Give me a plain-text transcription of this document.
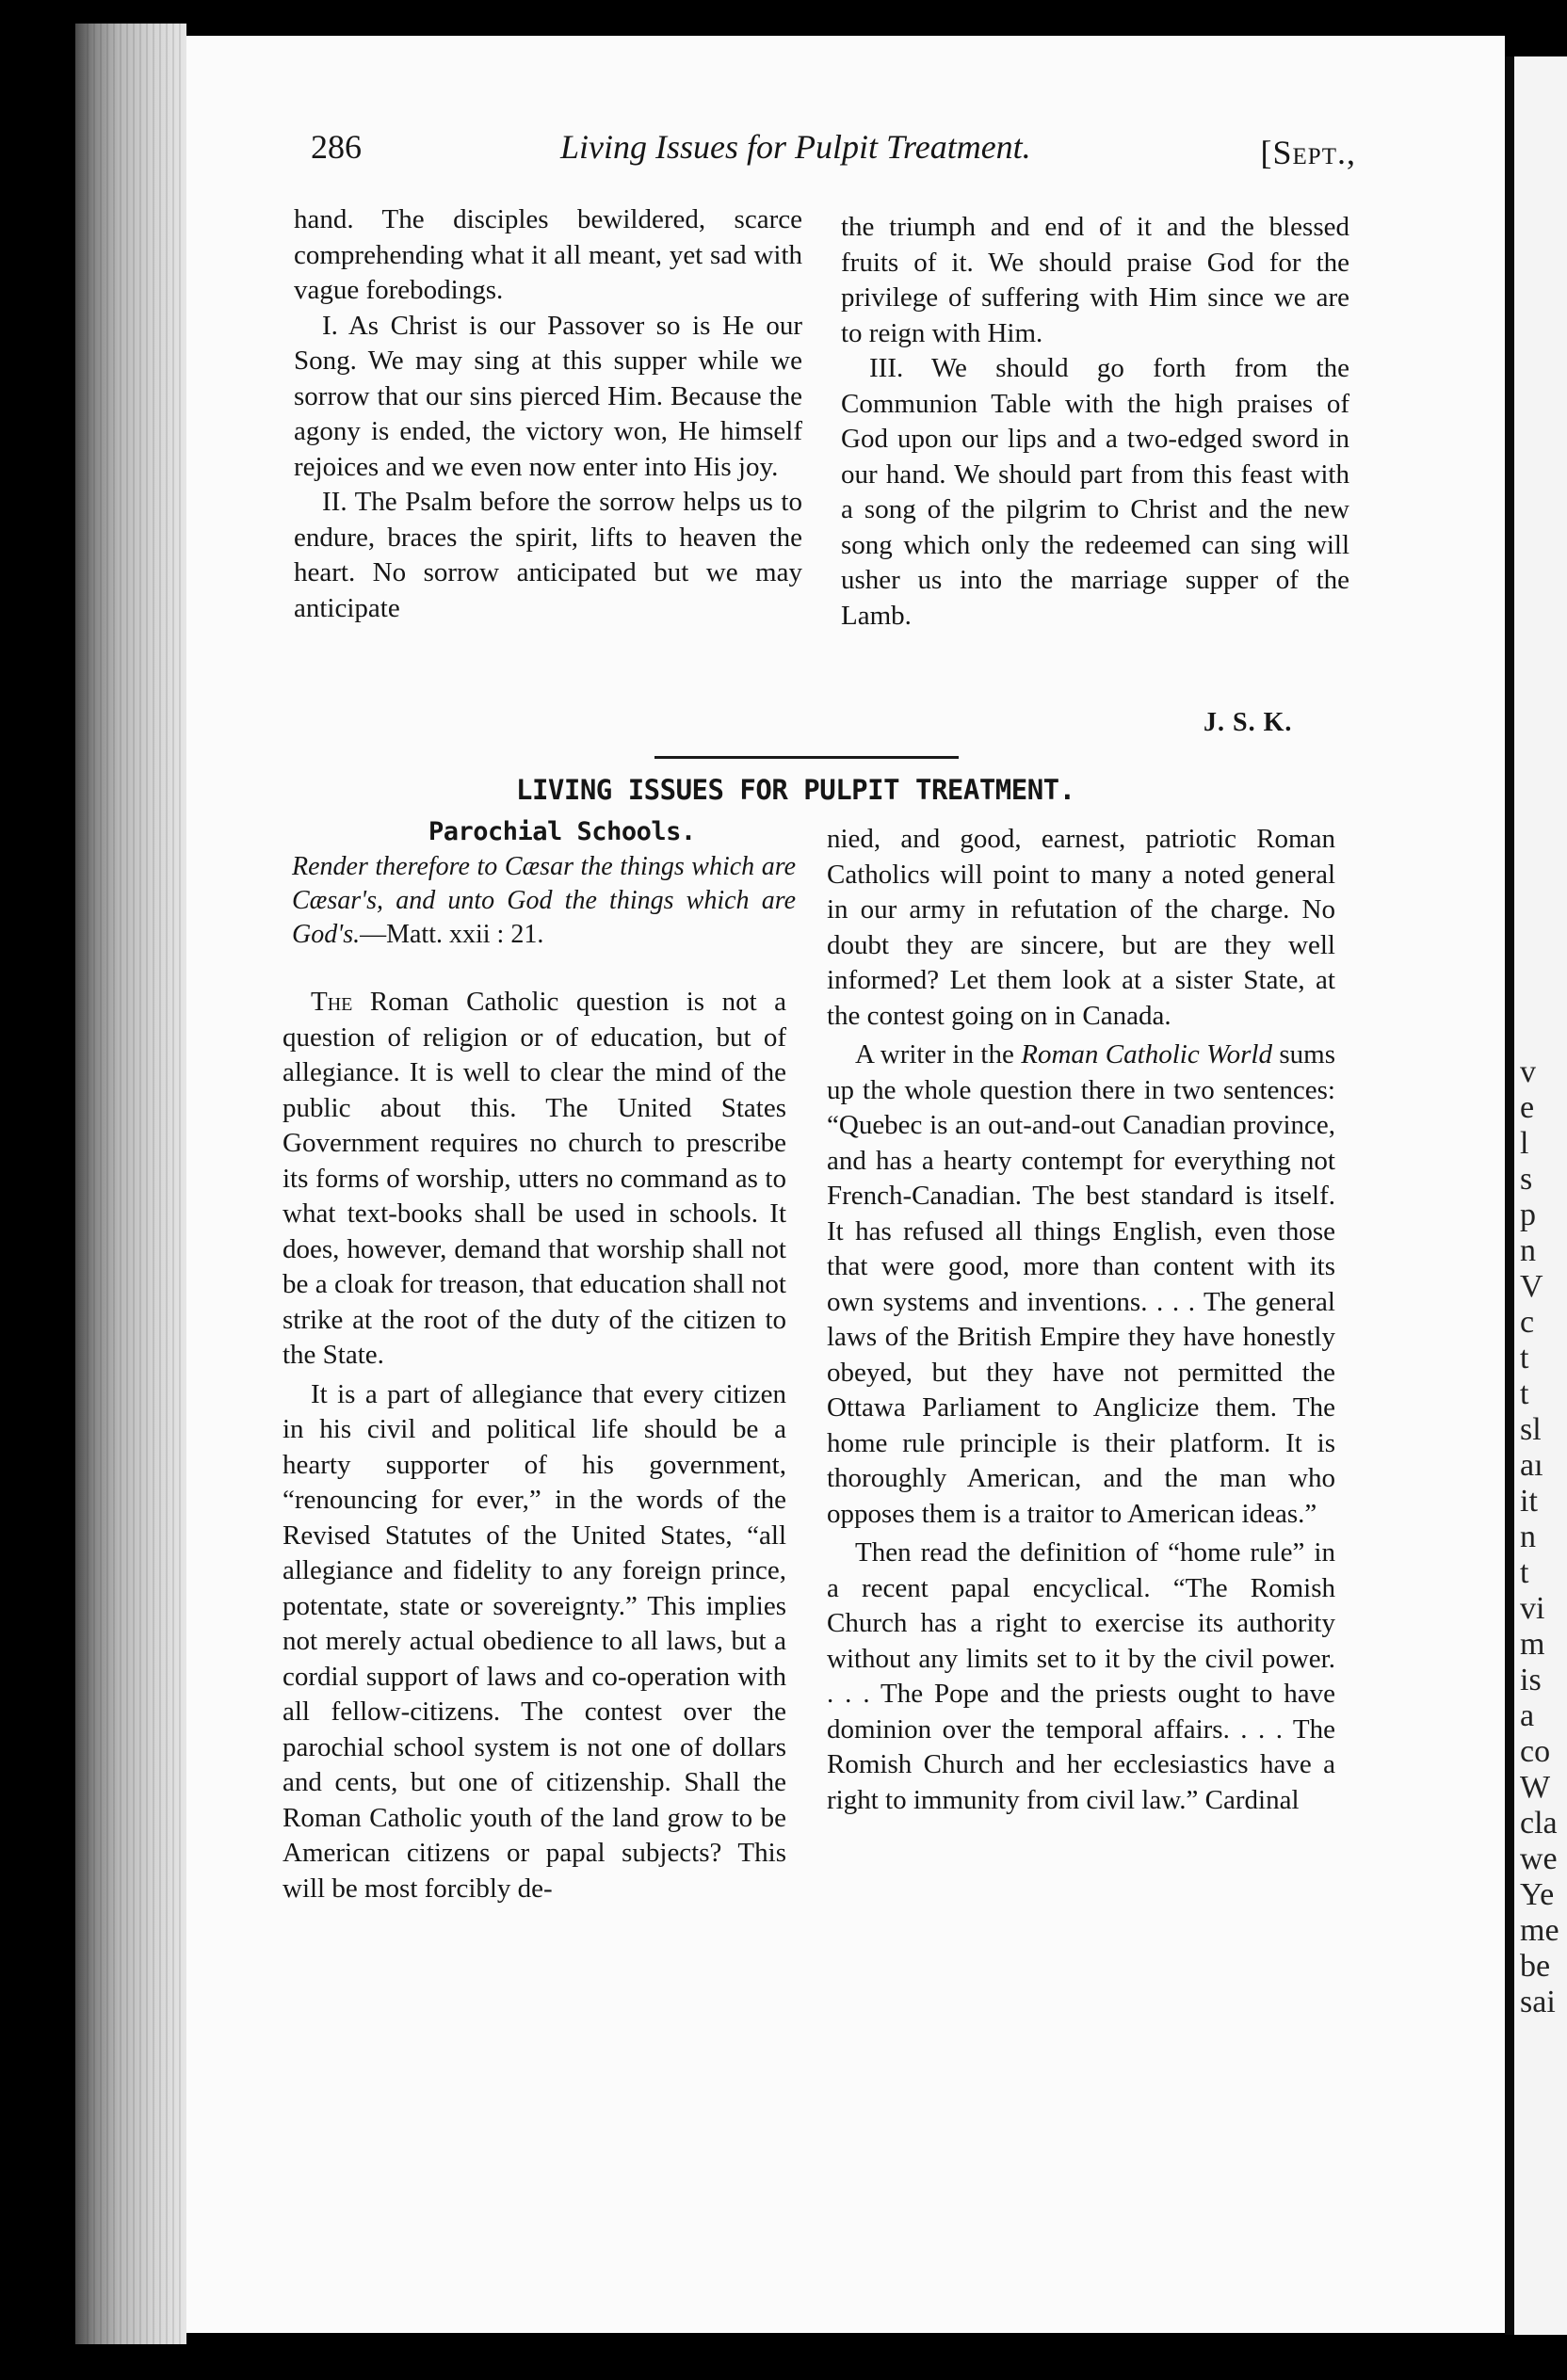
v
e
l
s
p
n
V
c
t
t
sl
aı
it
n
t
vi
m
is
a
co
W
cla
we
Ye
me
be
sai
286	Living Issues for Pulpit Treatment.	[Sept.,

hand. The disciples bewildered, scarce comprehending what it all meant, yet sad with vague forebodings.

I. As Christ is our Passover so is He our Song. We may sing at this supper while we sorrow that our sins pierced Him. Because the agony is ended, the victory won, He himself rejoices and we even now enter into His joy.

II. The Psalm before the sorrow helps us to endure, braces the spirit, lifts to heaven the heart. No sorrow anticipated but we may anticipate

the triumph and end of it and the blessed fruits of it. We should praise God for the privilege of suffering with Him since we are to reign with Him.

III. We should go forth from the Communion Table with the high praises of God upon our lips and a two-edged sword in our hand. We should part from this feast with a song of the pilgrim to Christ and the new song which only the redeemed can sing will usher us into the marriage supper of the Lamb.

J. S. K.
LIVING ISSUES FOR PULPIT TREATMENT.
Parochial Schools.
Render therefore to Cæsar the things which are Cæsar's, and unto God the things which are God's.—Matt. xxii : 21.

The Roman Catholic question is not a question of religion or of education, but of allegiance. It is well to clear the mind of the public about this. The United States Government requires no church to prescribe its forms of worship, utters no command as to what text-books shall be used in schools. It does, however, demand that worship shall not be a cloak for treason, that education shall not strike at the root of the duty of the citizen to the State.

It is a part of allegiance that every citizen in his civil and political life should be a hearty supporter of his government, “renouncing for ever,” in the words of the Revised Statutes of the United States, “all allegiance and fidelity to any foreign prince, potentate, state or sovereignty.” This implies not merely actual obedience to all laws, but a cordial support of laws and co-operation with all fellow-citizens. The contest over the parochial school system is not one of dollars and cents, but one of citizenship. Shall the Roman Catholic youth of the land grow to be American citizens or papal subjects? This will be most forcibly de-

nied, and good, earnest, patriotic Roman Catholics will point to many a noted general in our army in refutation of the charge. No doubt they are sincere, but are they well informed? Let them look at a sister State, at the contest going on in Canada.

A writer in the Roman Catholic World sums up the whole question there in two sentences: “Quebec is an out-and-out Canadian province, and has a hearty contempt for everything not French-Canadian. The best standard is itself. It has refused all things English, even those that were good, more than content with its own systems and inventions. . . . The general laws of the British Empire they have honestly obeyed, but they have not permitted the Ottawa Parliament to Anglicize them. The home rule principle is their platform. It is thoroughly American, and the man who opposes them is a traitor to American ideas.”

Then read the definition of “home rule” in a recent papal encyclical. “The Romish Church has a right to exercise its authority without any limits set to it by the civil power. . . . The Pope and the priests ought to have dominion over the temporal affairs. . . . The Romish Church and her ecclesiastics have a right to immunity from civil law.” Cardinal
